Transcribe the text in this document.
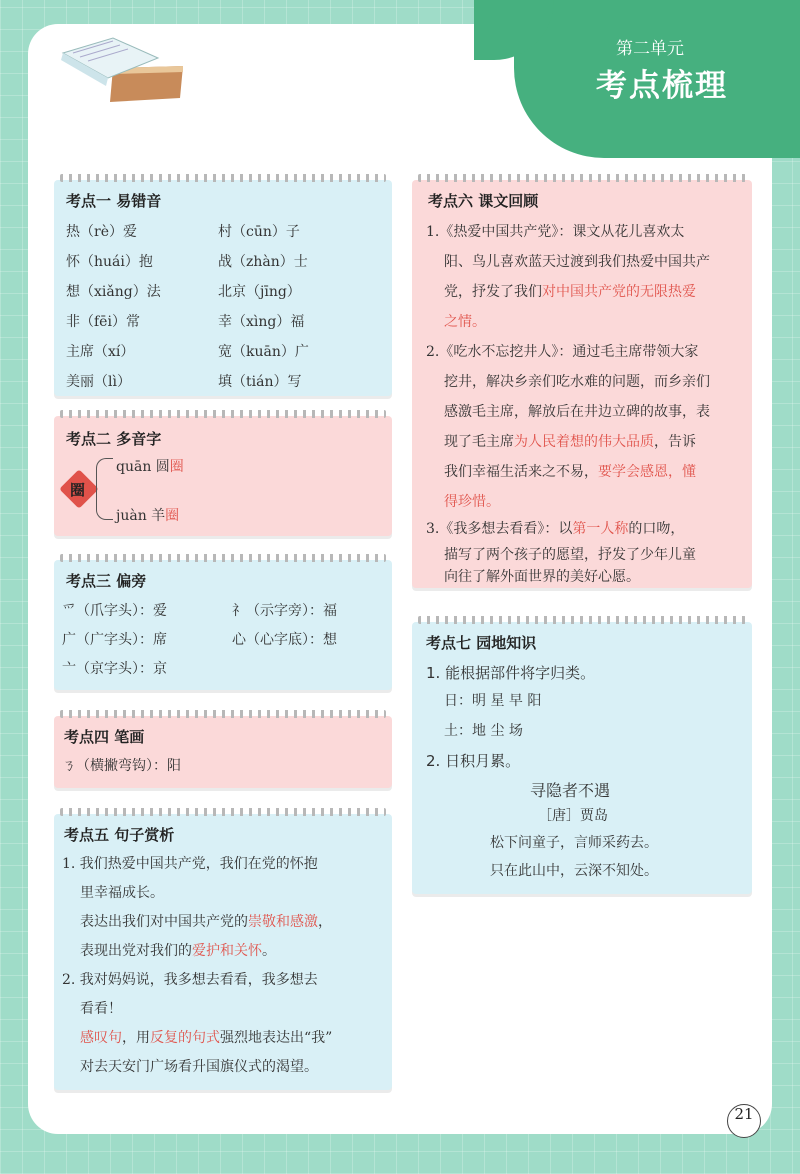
第二单元
考点梳理
考点一 易错音
热（rè）爱
怀（huái）抱
想（xiǎng）法
非（fēi）常
主席（xí）
美丽（lì）
村（cūn）子
战（zhàn）士
北京（jīng）
幸（xìng）福
宽（kuān）广
填（tián）写
考点二 多音字
圈
quān 圆圈
juàn 羊圈
考点三 偏旁
爫（爪字头）：爱
广（广字头）：席
亠（京字头）：京
礻（示字旁）：福
心（心字底）：想
考点四 笔画
ㄋ（横撇弯钩）：阳
考点五 句子赏析
1. 我们热爱中国共产党，我们在党的怀抱
里幸福成长。
表达出我们对中国共产党的崇敬和感激，
表现出党对我们的爱护和关怀。
2. 我对妈妈说，我多想去看看，我多想去
看看！
感叹句，用反复的句式强烈地表达出“我”
对去天安门广场看升国旗仪式的渴望。
考点六 课文回顾
1.《热爱中国共产党》：课文从花儿喜欢太
阳、鸟儿喜欢蓝天过渡到我们热爱中国共产
党，抒发了我们对中国共产党的无限热爱
之情。
2.《吃水不忘挖井人》：通过毛主席带领大家
挖井，解决乡亲们吃水难的问题，而乡亲们
感激毛主席，解放后在井边立碑的故事，表
现了毛主席为人民着想的伟大品质，告诉
我们幸福生活来之不易，要学会感恩，懂
得珍惜。
3.《我多想去看看》：以第一人称的口吻，
描写了两个孩子的愿望，抒发了少年儿童
向往了解外面世界的美好心愿。
考点七 园地知识
1. 能根据部件将字归类。
日：明 星 早 阳
土：地 尘 场
2. 日积月累。
寻隐者不遇
［唐］贾岛
松下问童子，言师采药去。
只在此山中，云深不知处。
21
